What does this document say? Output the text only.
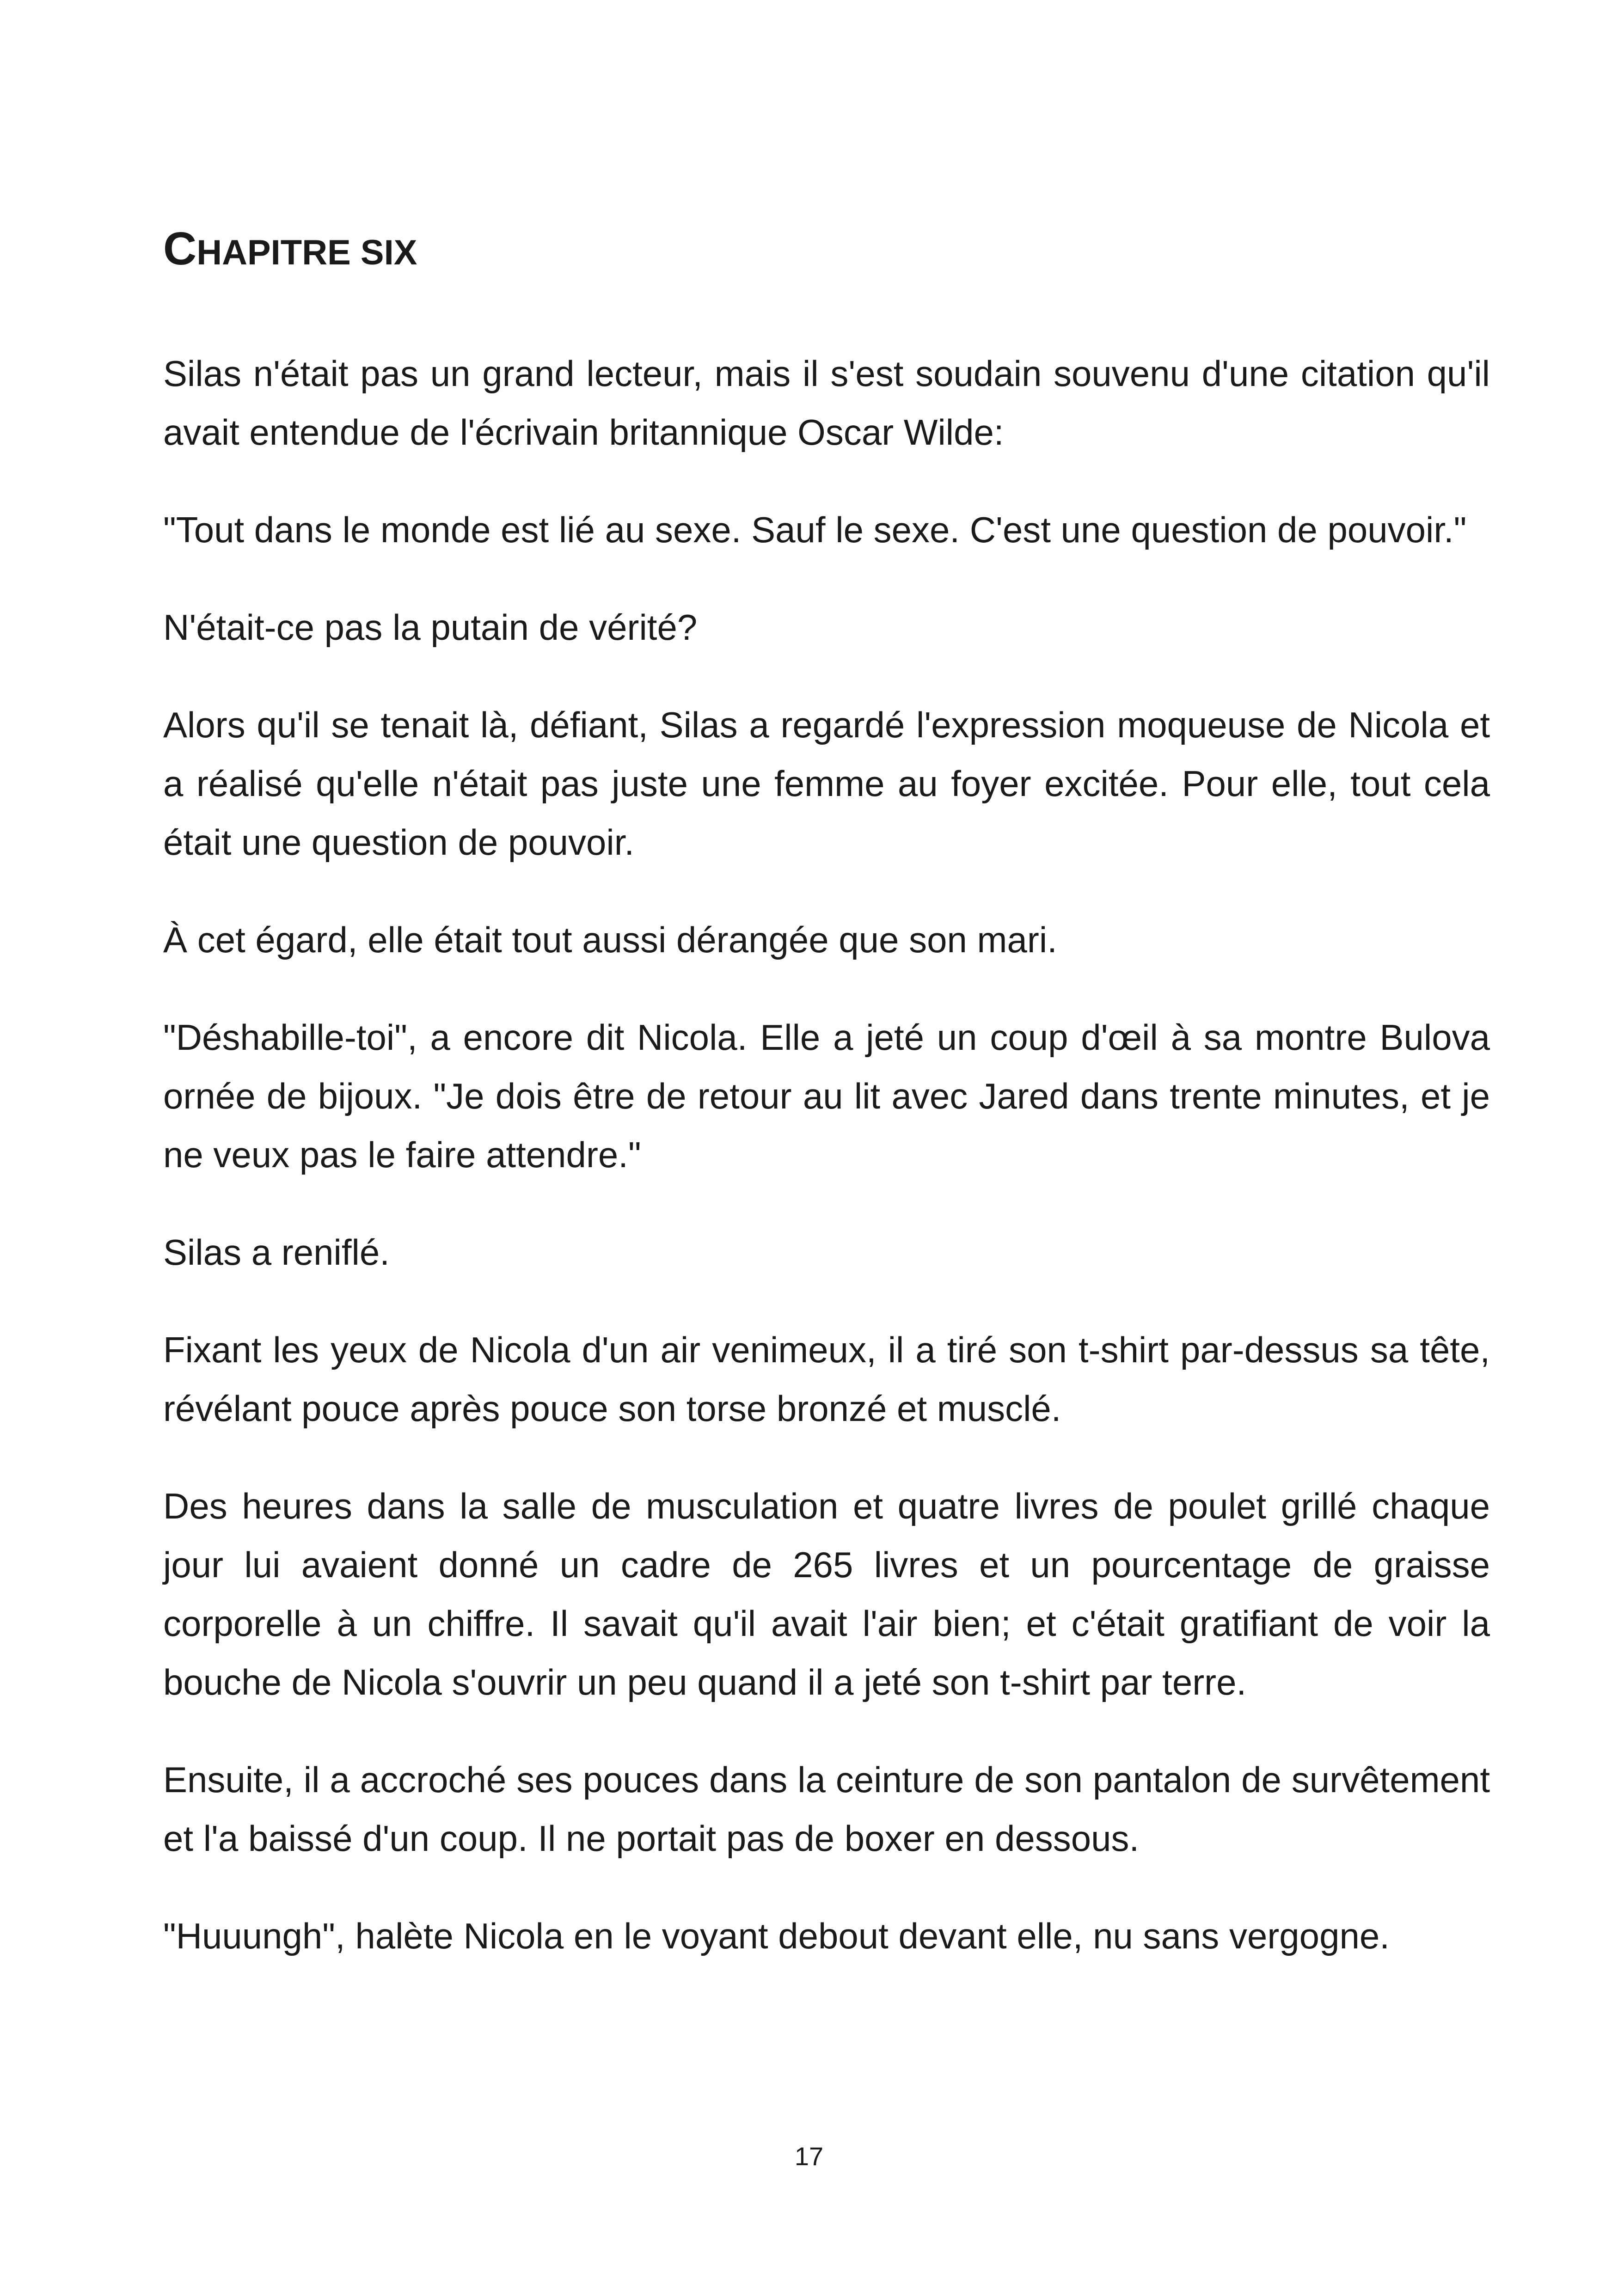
CHAPITRE SIX

Silas n'était pas un grand lecteur, mais il s'est soudain souvenu d'une citation qu'il avait entendue de l'écrivain britannique Oscar Wilde:

"Tout dans le monde est lié au sexe. Sauf le sexe. C'est une question de pouvoir."

N'était-ce pas la putain de vérité?

Alors qu'il se tenait là, défiant, Silas a regardé l'expression moqueuse de Nicola et a réalisé qu'elle n'était pas juste une femme au foyer excitée. Pour elle, tout cela était une question de pouvoir.

À cet égard, elle était tout aussi dérangée que son mari.

"Déshabille-toi", a encore dit Nicola. Elle a jeté un coup d'œil à sa montre Bulova ornée de bijoux. "Je dois être de retour au lit avec Jared dans trente minutes, et je ne veux pas le faire attendre."

Silas a reniflé.

Fixant les yeux de Nicola d'un air venimeux, il a tiré son t-shirt par-dessus sa tête, révélant pouce après pouce son torse bronzé et musclé.

Des heures dans la salle de musculation et quatre livres de poulet grillé chaque jour lui avaient donné un cadre de 265 livres et un pourcentage de graisse corporelle à un chiffre. Il savait qu'il avait l'air bien; et c'était gratifiant de voir la bouche de Nicola s'ouvrir un peu quand il a jeté son t-shirt par terre.

Ensuite, il a accroché ses pouces dans la ceinture de son pantalon de survêtement et l'a baissé d'un coup. Il ne portait pas de boxer en dessous.

"Huuungh", halète Nicola en le voyant debout devant elle, nu sans vergogne.

17
